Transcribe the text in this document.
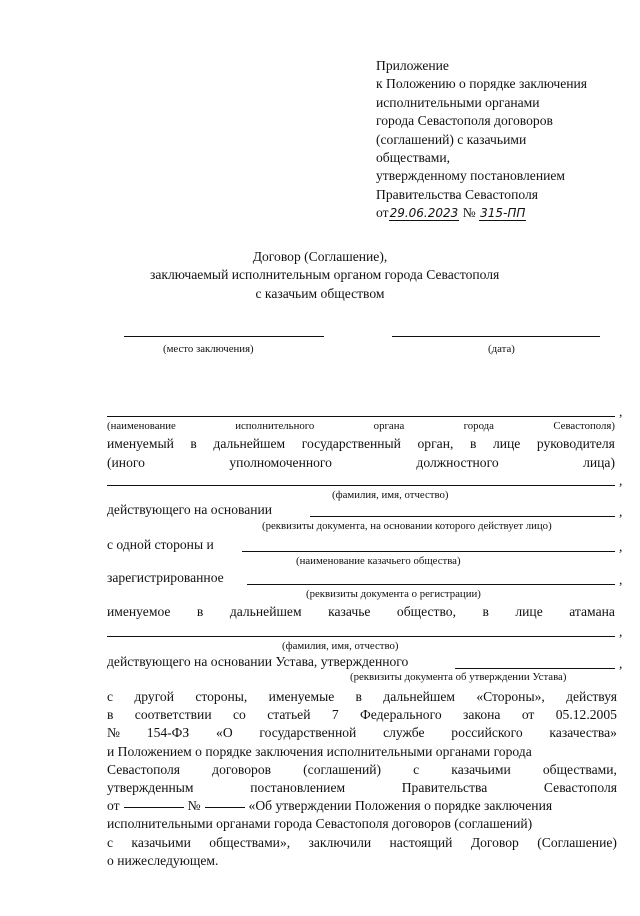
Приложение
к Положению о порядке заключения
исполнительными органами
города Севастополя договоров
(соглашений) с казачьими
обществами,
утвержденному постановлением
Правительства Севастополя
от29.06.2023 № 315-ПП
Договор (Соглашение),
заключаемый исполнительным органом города Севастополя
с казачьим обществом
(место заключения)	(дата)
,
(наименование	исполнительного	органа	города	Севастополя)
именуемый в дальнейшем государственный орган, в лице руководителя
(иного	уполномоченного	должностного	лица)
,
(фамилия, имя, отчество)
действующего на основании	,
(реквизиты документа, на основании которого действует лицо)
с одной стороны и	,
(наименование казачьего общества)
зарегистрированное	,
(реквизиты документа о регистрации)
именуемое в дальнейшем казачье общество, в лице атамана
,
(фамилия, имя, отчество)
действующего на основании Устава, утвержденного	,
(реквизиты документа об утверждении Устава)
с другой стороны, именуемые в дальнейшем «Стороны», действуя
в соответствии со статьей 7 Федерального закона от 05.12.2005
№ 154-ФЗ «О государственной службе российского казачества»
и Положением о порядке заключения исполнительными органами города
Севастополя договоров (соглашений) с казачьими обществами,
утвержденным	постановлением	Правительства	Севастополя
от	№	«Об утверждении Положения о порядке заключения
исполнительными органами города Севастополя договоров (соглашений)
с казачьими обществами», заключили настоящий Договор (Соглашение)
о нижеследующем.
